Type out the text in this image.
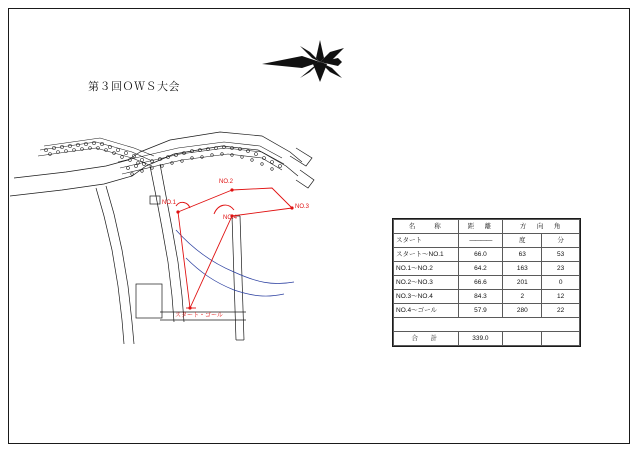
第３回ＯＷＳ大会
NO.1
NO.2
NO.3
NO.4
スタート・ゴール
名　　称	距　離	方　向　角	
スタート	————	度	分
スタート〜NO.1	66.0	63	53
NO.1〜NO.2	64.2	163	23
NO.2〜NO.3	66.6	201	0
NO.3〜NO.4	84.3	2	12
NO.4〜ゴール	57.9	280	22

合　計	339.0		
